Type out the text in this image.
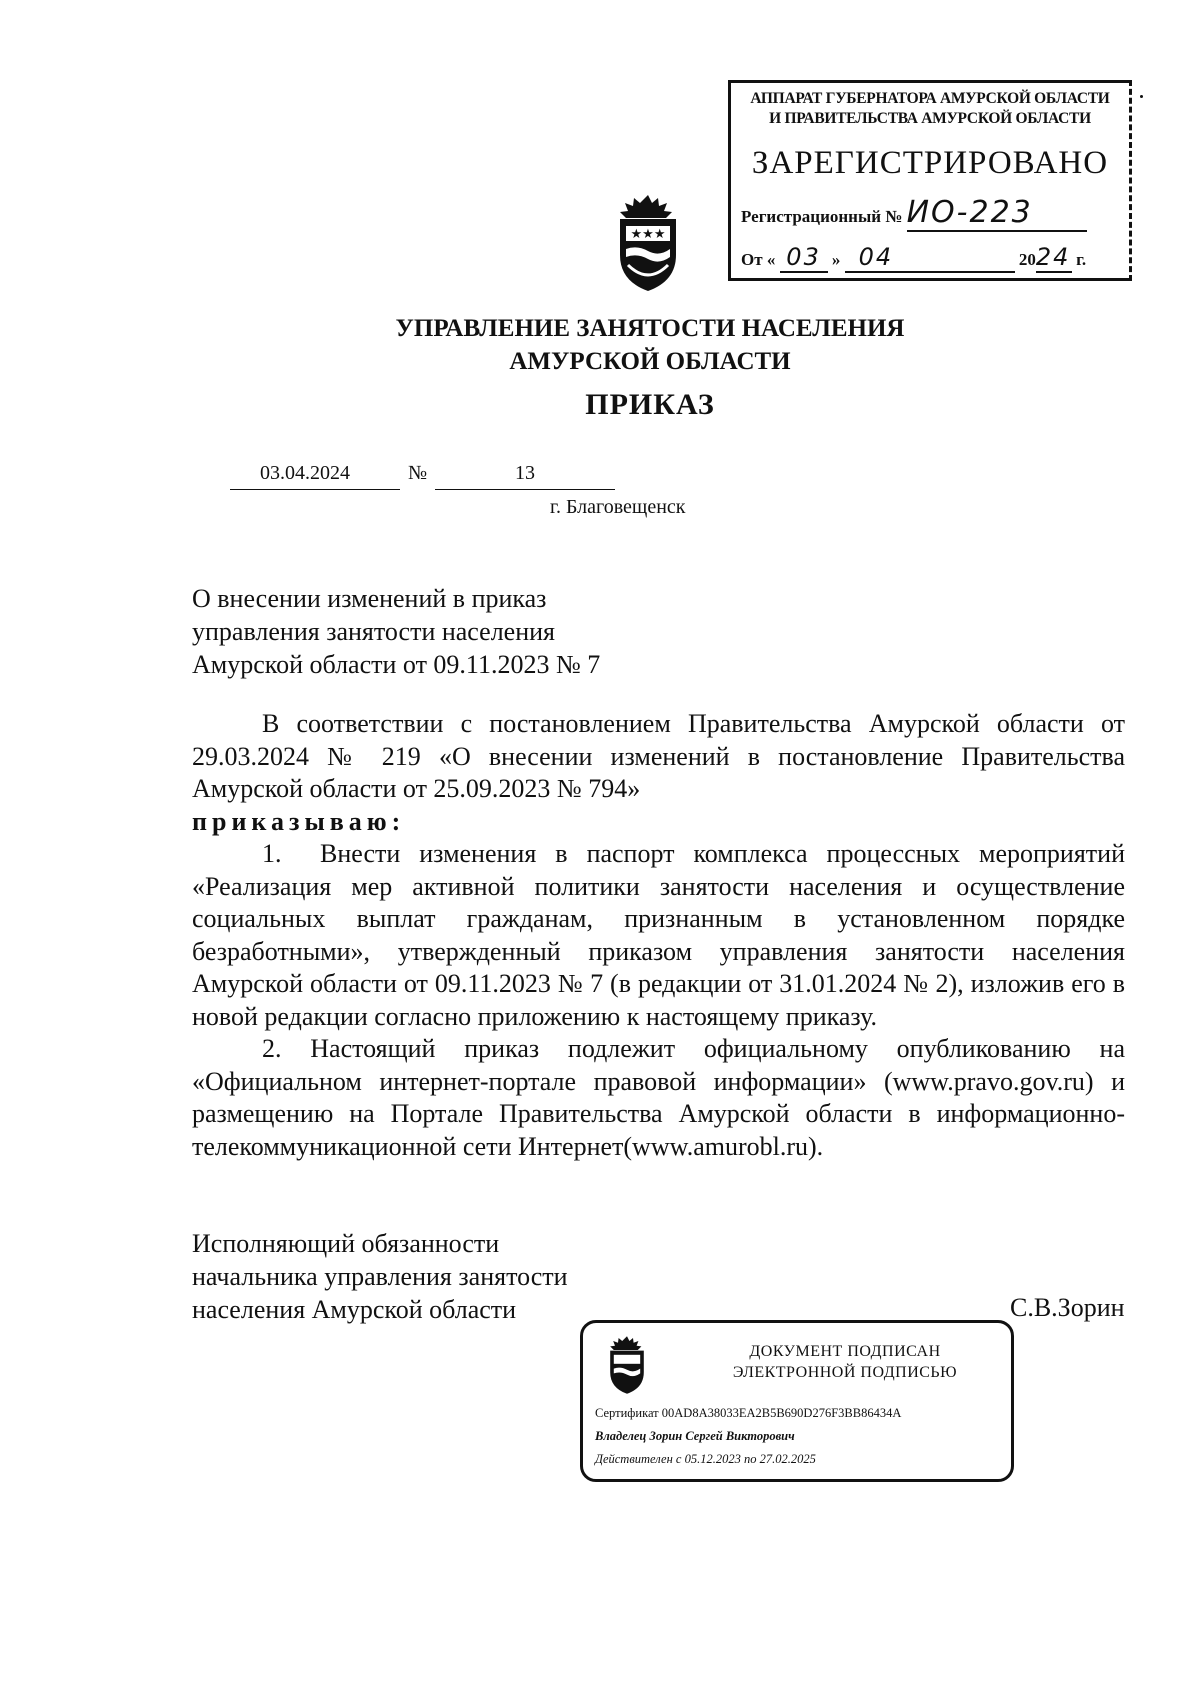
АППАРАТ ГУБЕРНАТОРА АМУРСКОЙ ОБЛАСТИ
И ПРАВИТЕЛЬСТВА АМУРСКОЙ ОБЛАСТИ
ЗАРЕГИСТРИРОВАНО
Регистрационный № ИО-223
От « 03 » 04	2024 г.
★★★
УПРАВЛЕНИЕ ЗАНЯТОСТИ НАСЕЛЕНИЯ
АМУРСКОЙ ОБЛАСТИ
ПРИКАЗ
03.04.2024	№	13
г. Благовещенск
О внесении изменений в приказ
управления занятости населения
Амурской области от 09.11.2023 № 7

В соответствии с постановлением Правительства Амурской области от 29.03.2024 № 219 «О внесении изменений в постановление Правительства Амурской области от 25.09.2023 № 794»

приказываю:

1. Внести изменения в паспорт комплекса процессных мероприятий «Реализация мер активной политики занятости населения и осуществление социальных выплат гражданам, признанным в установленном порядке безработными», утвержденный приказом управления занятости населения Амурской области от 09.11.2023 № 7 (в редакции от 31.01.2024 № 2), изложив его в новой редакции согласно приложению к настоящему приказу.

2. Настоящий приказ подлежит официальному опубликованию на «Официальном интернет-портале правовой информации» (www.pravo.gov.ru) и размещению на Портале Правительства Амурской области в информационно-телекоммуникационной сети Интернет(www.amurobl.ru).

Исполняющий обязанности
начальника управления занятости
населения Амурской области	С.В.Зорин
ДОКУМЕНТ ПОДПИСАН
ЭЛЕКТРОННОЙ ПОДПИСЬЮ
Сертификат 00AD8A38033EA2B5B690D276F3BB86434A
Владелец Зорин Сергей Викторович
Действителен с 05.12.2023 по 27.02.2025
